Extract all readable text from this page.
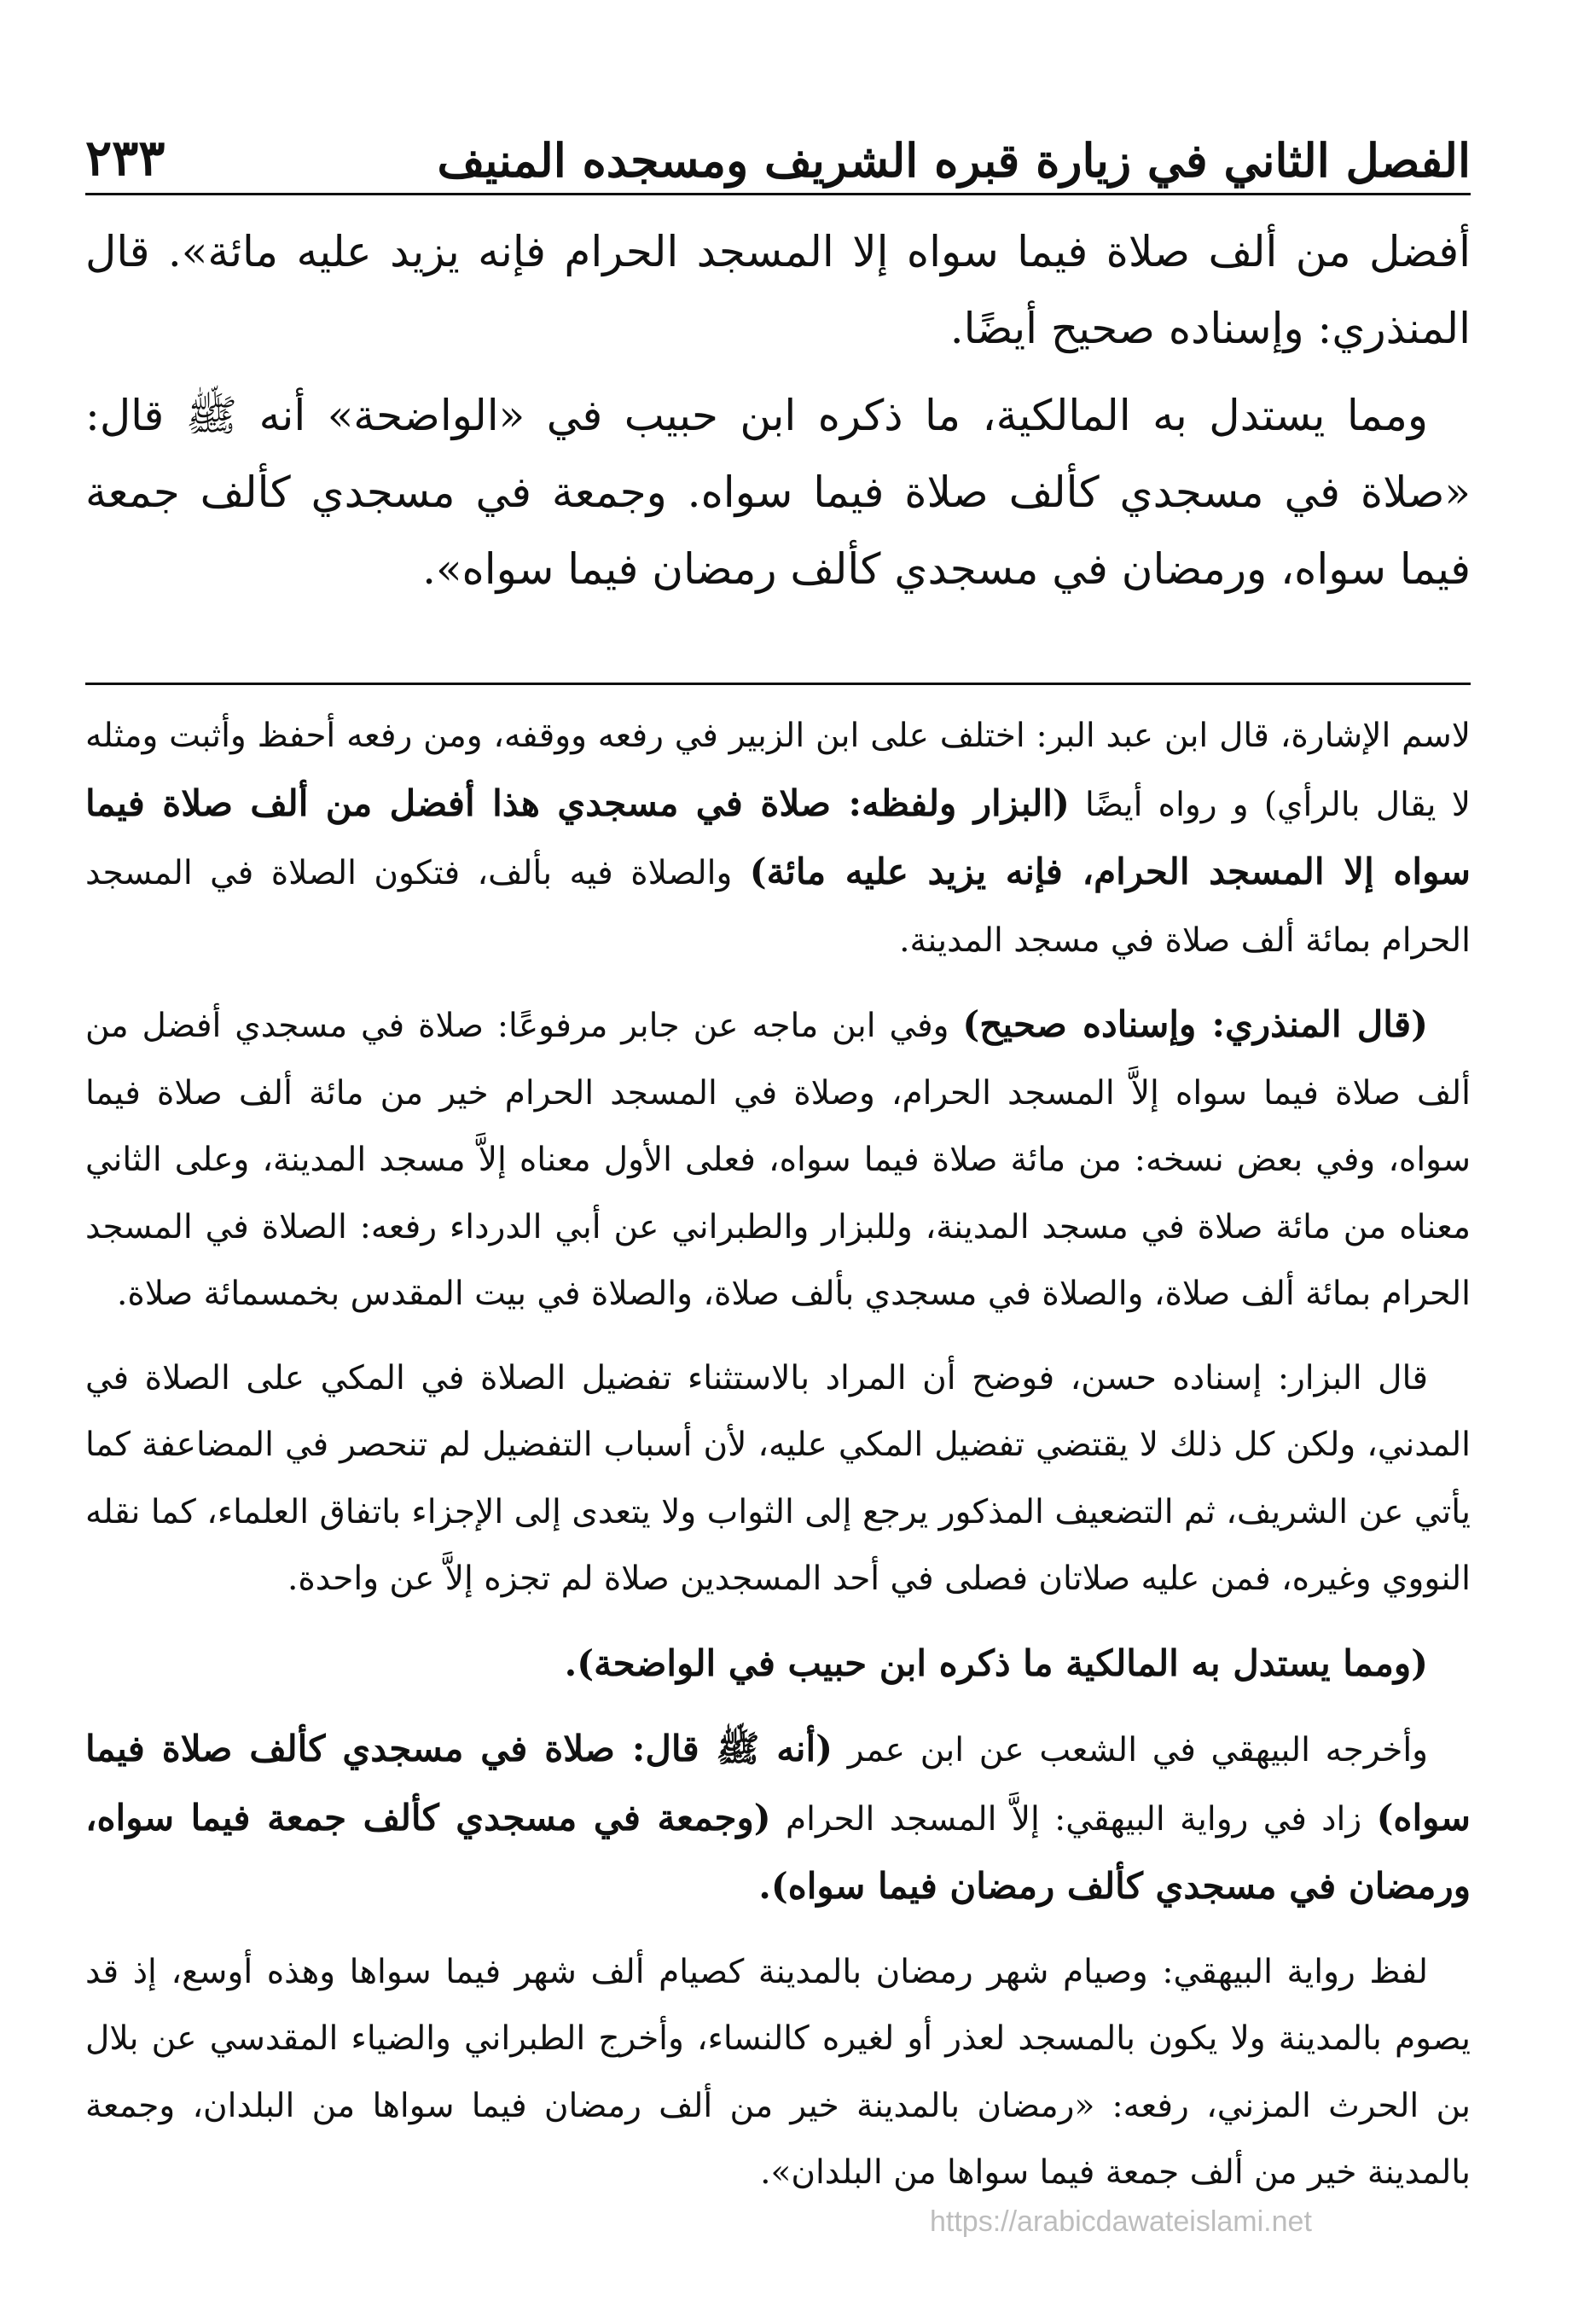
الفصل الثاني في زيارة قبره الشريف ومسجده المنيف
٢٣٣

أفضل من ألف صلاة فيما سواه إلا المسجد الحرام فإنه يزيد عليه مائة». قال المنذري: وإسناده صحيح أيضًا.

ومما يستدل به المالكية، ما ذكره ابن حبيب في «الواضحة» أنه ﷺ قال: «صلاة في مسجدي كألف صلاة فيما سواه. وجمعة في مسجدي كألف جمعة فيما سواه، ورمضان في مسجدي كألف رمضان فيما سواه».

لاسم الإشارة، قال ابن عبد البر: اختلف على ابن الزبير في رفعه ووقفه، ومن رفعه أحفظ وأثبت ومثله لا يقال بالرأي) و رواه أيضًا (البزار ولفظه: صلاة في مسجدي هذا أفضل من ألف صلاة فيما سواه إلا المسجد الحرام، فإنه يزيد عليه مائة) والصلاة فيه بألف، فتكون الصلاة في المسجد الحرام بمائة ألف صلاة في مسجد المدينة.

(قال المنذري: وإسناده صحيح) وفي ابن ماجه عن جابر مرفوعًا: صلاة في مسجدي أفضل من ألف صلاة فيما سواه إلاَّ المسجد الحرام، وصلاة في المسجد الحرام خير من مائة ألف صلاة فيما سواه، وفي بعض نسخه: من مائة صلاة فيما سواه، فعلى الأول معناه إلاَّ مسجد المدينة، وعلى الثاني معناه من مائة صلاة في مسجد المدينة، وللبزار والطبراني عن أبي الدرداء رفعه: الصلاة في المسجد الحرام بمائة ألف صلاة، والصلاة في مسجدي بألف صلاة، والصلاة في بيت المقدس بخمسمائة صلاة.

قال البزار: إسناده حسن، فوضح أن المراد بالاستثناء تفضيل الصلاة في المكي على الصلاة في المدني، ولكن كل ذلك لا يقتضي تفضيل المكي عليه، لأن أسباب التفضيل لم تنحصر في المضاعفة كما يأتي عن الشريف، ثم التضعيف المذكور يرجع إلى الثواب ولا يتعدى إلى الإجزاء باتفاق العلماء، كما نقله النووي وغيره، فمن عليه صلاتان فصلى في أحد المسجدين صلاة لم تجزه إلاَّ عن واحدة.

(ومما يستدل به المالكية ما ذكره ابن حبيب في الواضحة).

وأخرجه البيهقي في الشعب عن ابن عمر (أنه ﷺ قال: صلاة في مسجدي كألف صلاة فيما سواه) زاد في رواية البيهقي: إلاَّ المسجد الحرام (وجمعة في مسجدي كألف جمعة فيما سواه، ورمضان في مسجدي كألف رمضان فيما سواه).

لفظ رواية البيهقي: وصيام شهر رمضان بالمدينة كصيام ألف شهر فيما سواها وهذه أوسع، إذ قد يصوم بالمدينة ولا يكون بالمسجد لعذر أو لغيره كالنساء، وأخرج الطبراني والضياء المقدسي عن بلال بن الحرث المزني، رفعه: «رمضان بالمدينة خير من ألف رمضان فيما سواها من البلدان، وجمعة بالمدينة خير من ألف جمعة فيما سواها من البلدان».

https://arabicdawateislami.net
